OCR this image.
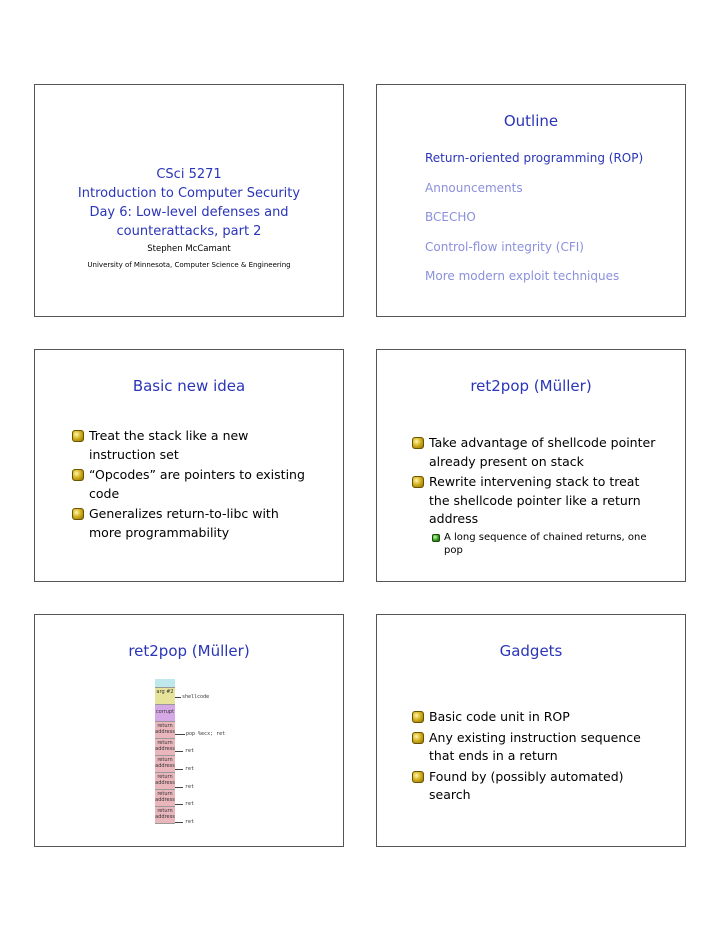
CSci 5271
Introduction to Computer Security
Day 6: Low-level defenses and
counterattacks, part 2
Stephen McCamant
University of Minnesota, Computer Science & Engineering
Outline
Return-oriented programming (ROP)
Announcements
BCECHO
Control-flow integrity (CFI)
More modern exploit techniques
Basic new idea
Treat the stack like a new instruction set
“Opcodes” are pointers to existing code
Generalizes return-to-libc with more programmability
ret2pop (Müller)
Take advantage of shellcode pointer already present on stack
Rewrite intervening stack to treat the shellcode pointer like a return address
A long sequence of chained returns, one pop
ret2pop (Müller)
arg #2
corrupt
return address
return address
return address
return address
return address
return address
shellcode
pop %ecx; ret
ret
ret
ret
ret
ret
Gadgets
Basic code unit in ROP
Any existing instruction sequence that ends in a return
Found by (possibly automated) search
